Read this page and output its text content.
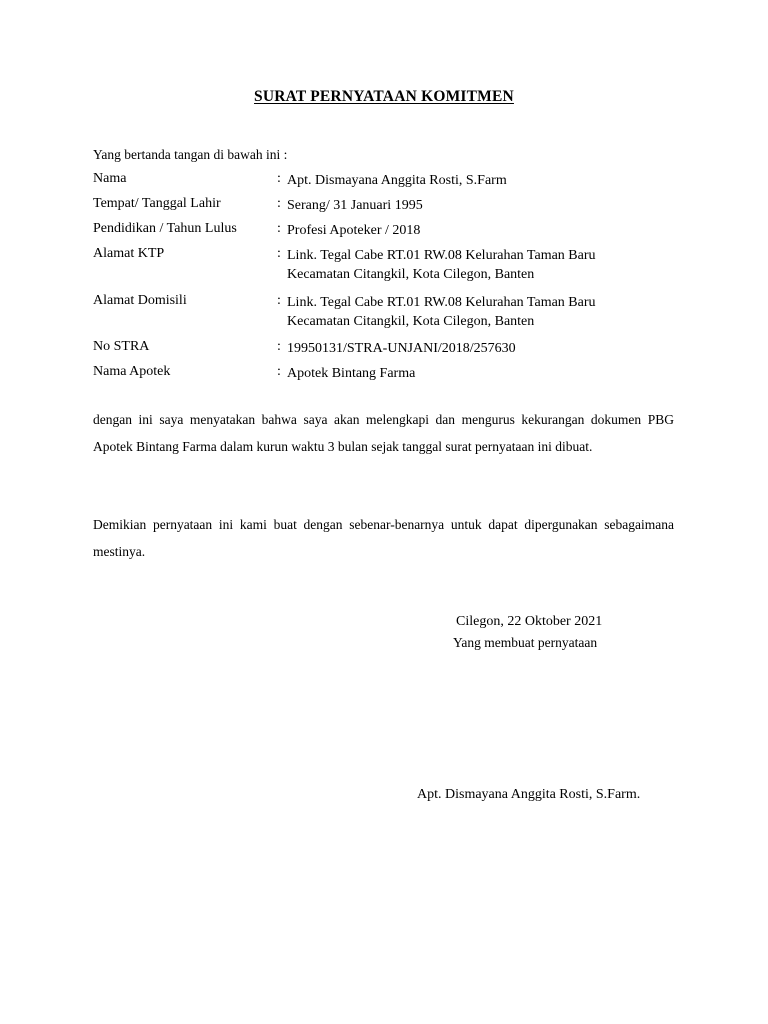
SURAT PERNYATAAN KOMITMEN
Yang bertanda tangan di bawah ini :
Nama	: Apt. Dismayana Anggita Rosti, S.Farm
Tempat/ Tanggal Lahir	: Serang/ 31 Januari 1995
Pendidikan / Tahun Lulus	: Profesi Apoteker / 2018
Alamat KTP	: Link. Tegal Cabe RT.01 RW.08 Kelurahan Taman Baru
Kecamatan Citangkil, Kota Cilegon, Banten
Alamat Domisili	: Link. Tegal Cabe RT.01 RW.08 Kelurahan Taman Baru
Kecamatan Citangkil, Kota Cilegon, Banten
No STRA	: 19950131/STRA-UNJANI/2018/257630
Nama Apotek	: Apotek Bintang Farma
dengan ini saya menyatakan bahwa saya akan melengkapi dan mengurus kekurangan dokumen PBG Apotek Bintang Farma dalam kurun waktu 3 bulan sejak tanggal surat pernyataan ini dibuat.
Demikian pernyataan ini kami buat dengan sebenar-benarnya untuk dapat dipergunakan sebagaimana mestinya.
Cilegon, 22 Oktober 2021
Yang membuat pernyataan
Apt. Dismayana Anggita Rosti, S.Farm.
